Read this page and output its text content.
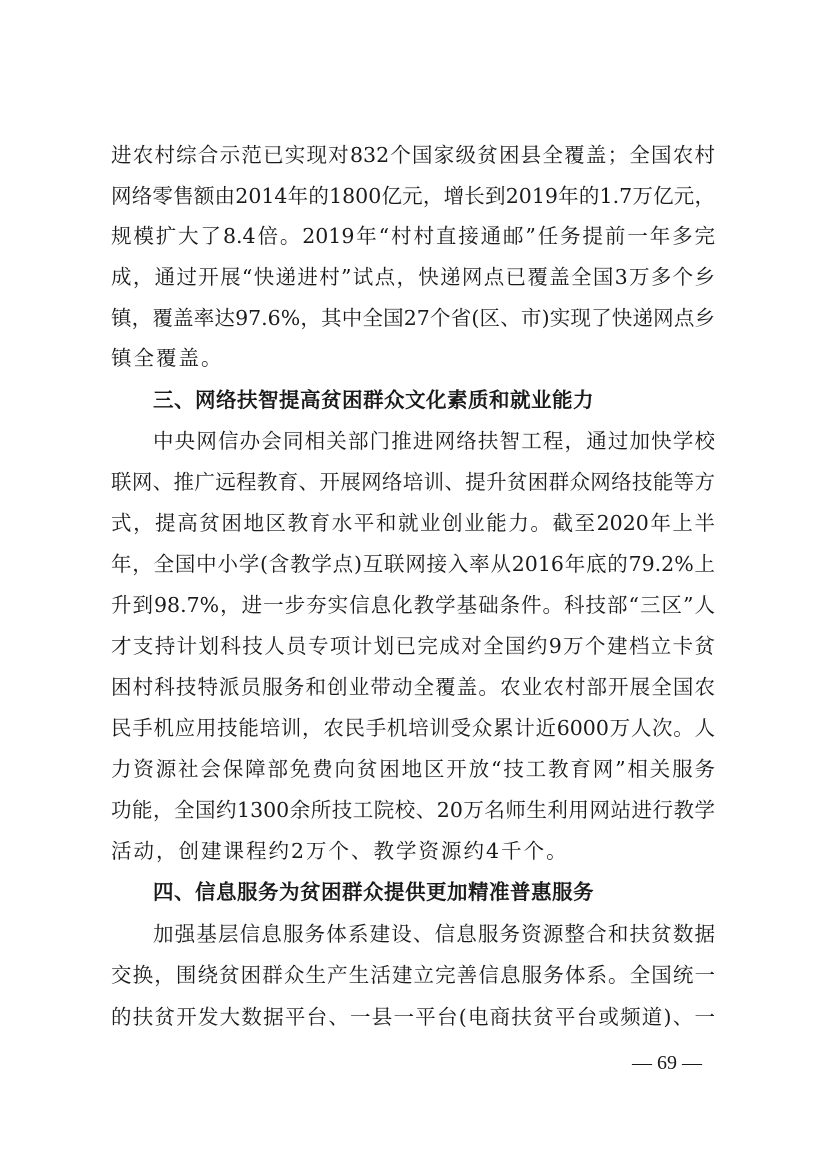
进农村综合示范已实现对832个国家级贫困县全覆盖；全国农村
网络零售额由2014年的1800亿元，增长到2019年的1.7万亿元，
规模扩大了8.4倍。2019年“村村直接通邮”任务提前一年多完
成，通过开展“快递进村”试点，快递网点已覆盖全国3万多个乡
镇，覆盖率达97.6%，其中全国27个省(区、市)实现了快递网点乡
镇全覆盖。
三、网络扶智提高贫困群众文化素质和就业能力
中央网信办会同相关部门推进网络扶智工程，通过加快学校
联网、推广远程教育、开展网络培训、提升贫困群众网络技能等方
式，提高贫困地区教育水平和就业创业能力。截至2020年上半
年，全国中小学(含教学点)互联网接入率从2016年底的79.2%上
升到98.7%，进一步夯实信息化教学基础条件。科技部“三区”人
才支持计划科技人员专项计划已完成对全国约9万个建档立卡贫
困村科技特派员服务和创业带动全覆盖。农业农村部开展全国农
民手机应用技能培训，农民手机培训受众累计近6000万人次。人
力资源社会保障部免费向贫困地区开放“技工教育网”相关服务
功能，全国约1300余所技工院校、20万名师生利用网站进行教学
活动，创建课程约2万个、教学资源约4千个。
四、信息服务为贫困群众提供更加精准普惠服务
加强基层信息服务体系建设、信息服务资源整合和扶贫数据
交换，围绕贫困群众生产生活建立完善信息服务体系。全国统一
的扶贫开发大数据平台、一县一平台(电商扶贫平台或频道)、一
— 69 —
